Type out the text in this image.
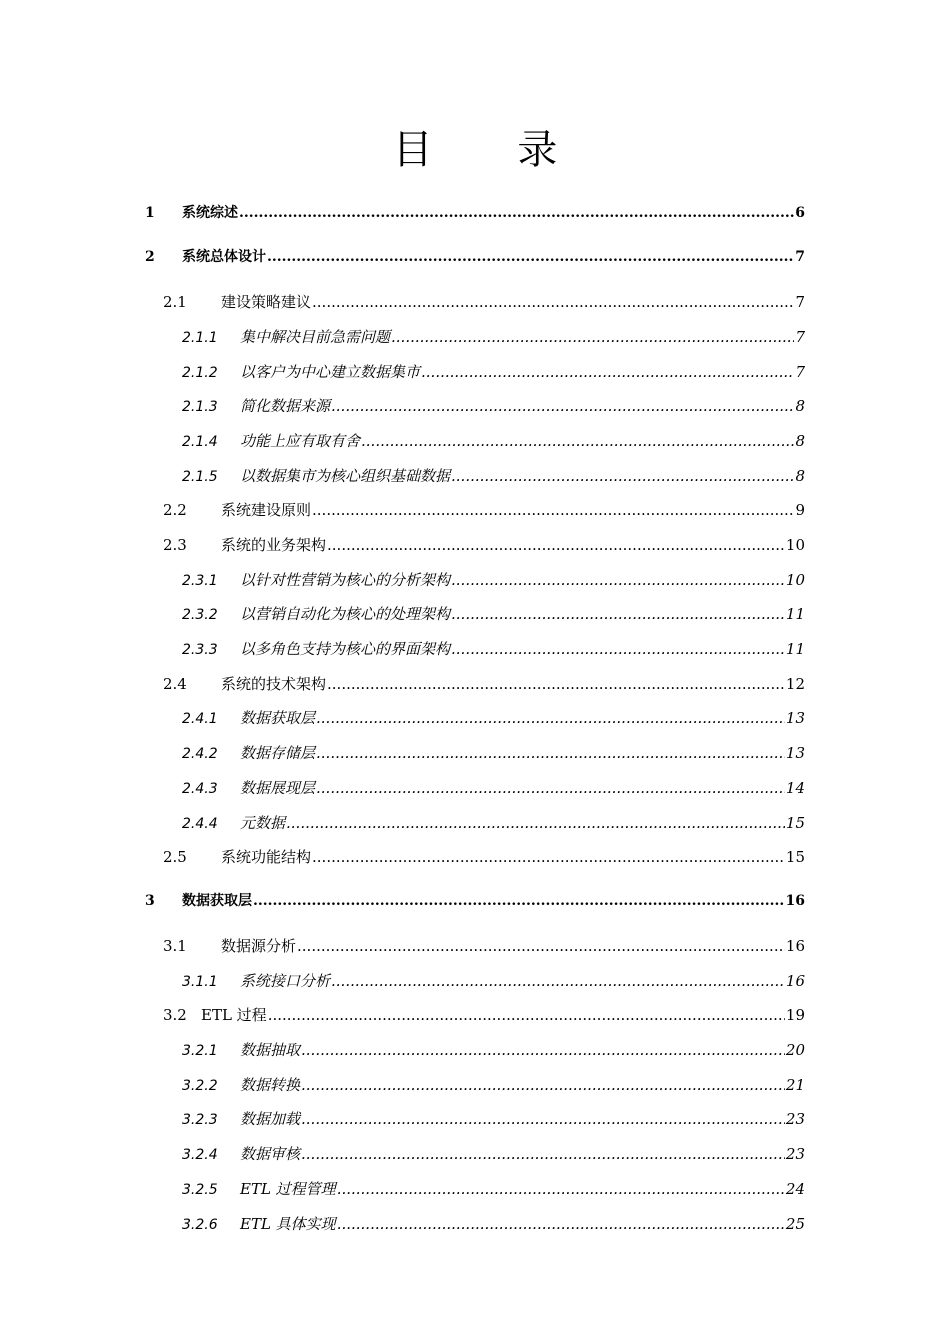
目 录
1	系统综述 .....	6
2	系统总体设计 .....	7
2.1	建设策略建议 .....	7
2.1.1	集中解决目前急需问题 .....	7
2.1.2	以客户为中心建立数据集市 .....	7
2.1.3	简化数据来源 .....	8
2.1.4	功能上应有取有舍 .....	8
2.1.5	以数据集市为核心组织基础数据 .....	8
2.2	系统建设原则 .....	9
2.3	系统的业务架构 .....	10
2.3.1	以针对性营销为核心的分析架构 .....	10
2.3.2	以营销自动化为核心的处理架构 .....	11
2.3.3	以多角色支持为核心的界面架构 .....	11
2.4	系统的技术架构 .....	12
2.4.1	数据获取层 .....	13
2.4.2	数据存储层 .....	13
2.4.3	数据展现层 .....	14
2.4.4	元数据 .....	15
2.5	系统功能结构 .....	15
3	数据获取层 .....	16
3.1	数据源分析 .....	16
3.1.1	系统接口分析 .....	16
3.2 ETL 过程 .....	19
3.2.1	数据抽取 .....	20
3.2.2	数据转换 .....	21
3.2.3	数据加载 .....	23
3.2.4	数据审核 .....	23
3.2.5	ETL 过程管理 .....	24
3.2.6	ETL 具体实现 .....	25
